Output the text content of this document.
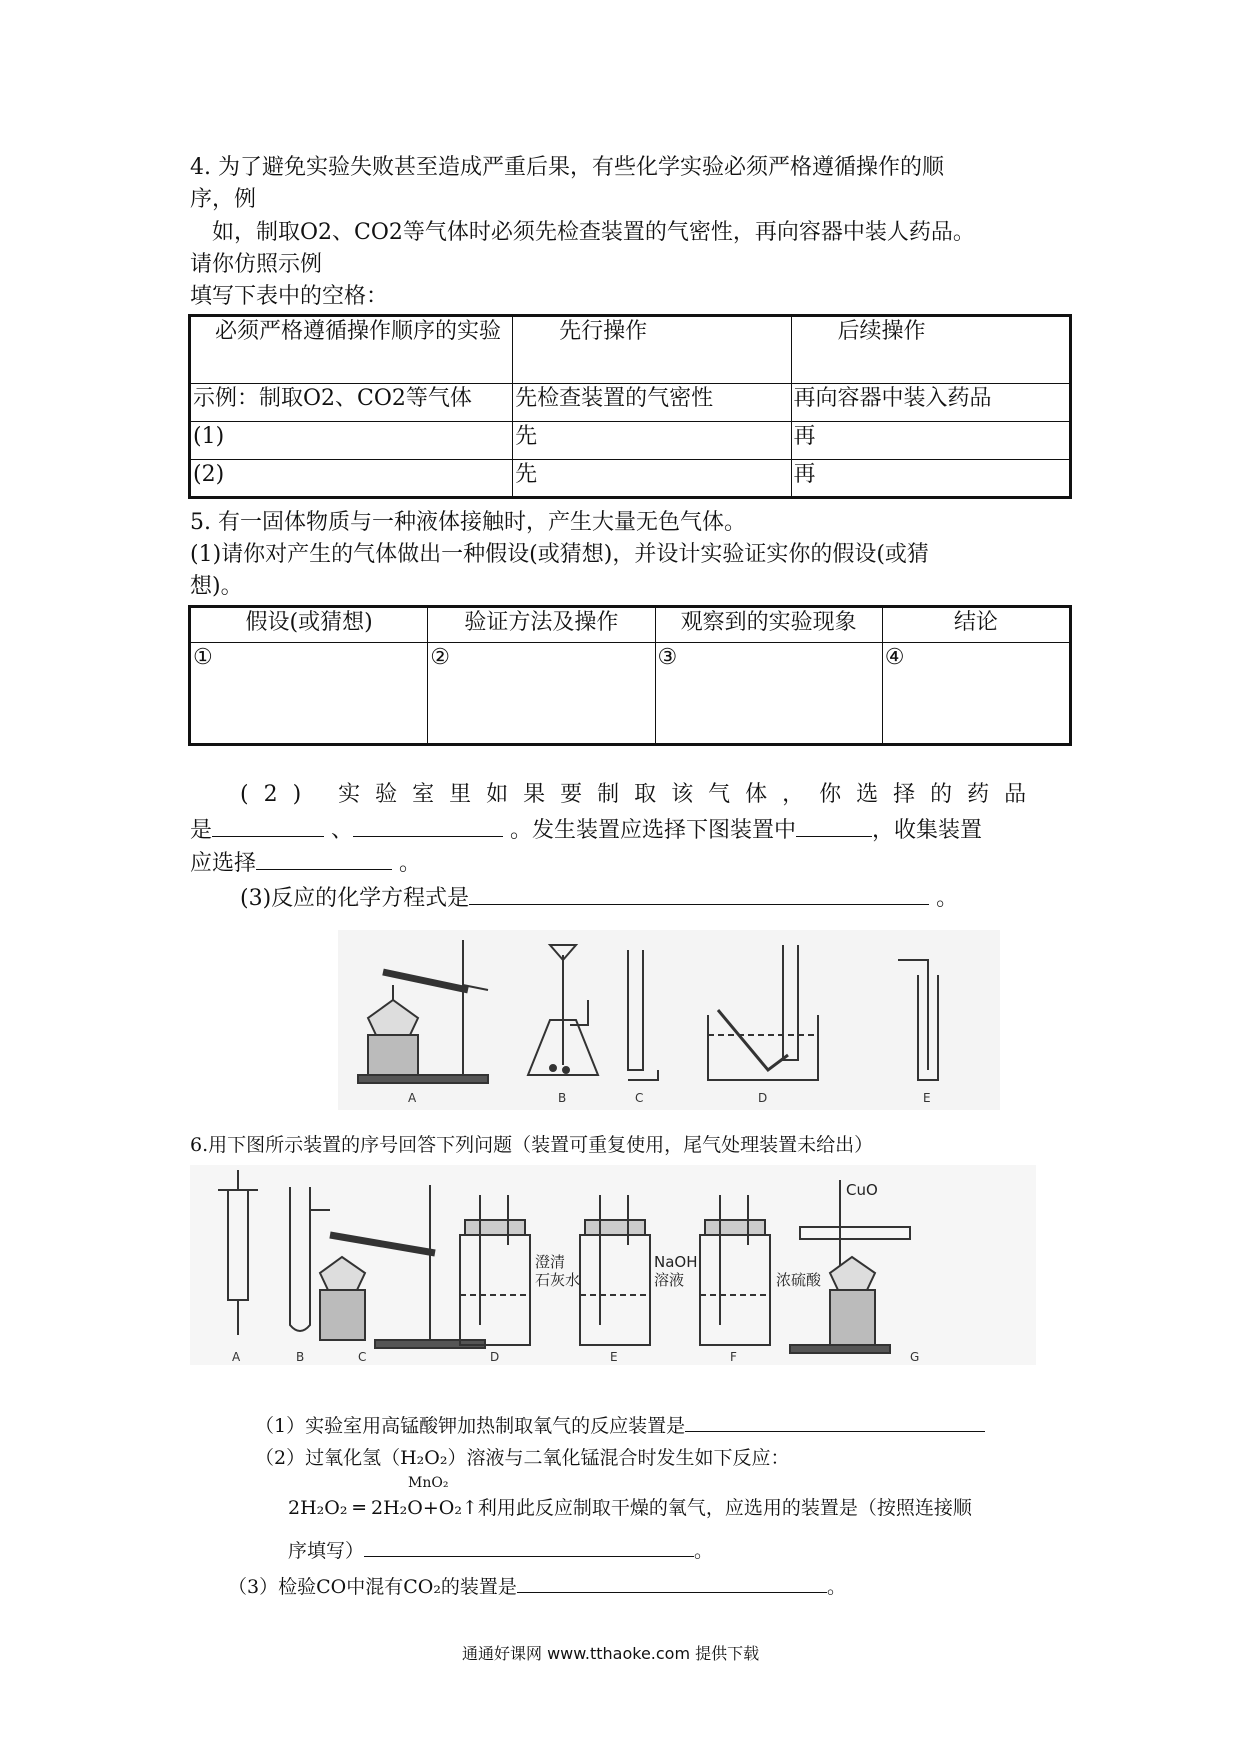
4. 为了避免实验失败甚至造成严重后果，有些化学实验必须严格遵循操作的顺
序，例
　如，制取O2、CO2等气体时必须先检查装置的气密性，再向容器中装人药品。
请你仿照示例
填写下表中的空格：
　必须严格遵循操作顺序的实验	　　先行操作	　　后续操作
示例：制取O2、CO2等气体	先检查装置的气密性	再向容器中装入药品
(1)	先	再
(2)	先	再
5. 有一固体物质与一种液体接触时，产生大量无色气体。
(1)请你对产生的气体做出一种假设(或猜想)，并设计实验证实你的假设(或猜
想)。
假设(或猜想)	验证方法及操作	观察到的实验现象	结论
①	②	③	④
(2) 实验室里如果要制取该气体，你选择的药品
是	、	。发生装置应选择下图装置中	，收集装置
应选择	。
(3)反应的化学方程式是	。
A	B	C	D	E
6.用下图所示装置的序号回答下列问题（装置可重复使用，尾气处理装置未给出）
澄清
石灰水
NaOH
溶液	浓硫酸
CuO
A	B	C	D	E	F	G
（1）实验室用高锰酸钾加热制取氧气的反应装置是
（2）过氧化氢（H₂O₂）溶液与二氧化锰混合时发生如下反应：
MnO₂
2H₂O₂ ═ 2H₂O+O₂↑利用此反应制取干燥的氧气，应选用的装置是（按照连接顺
序填写）	。
（3）检验CO中混有CO₂的装置是	。
通通好课网 www.tthaoke.com 提供下载
